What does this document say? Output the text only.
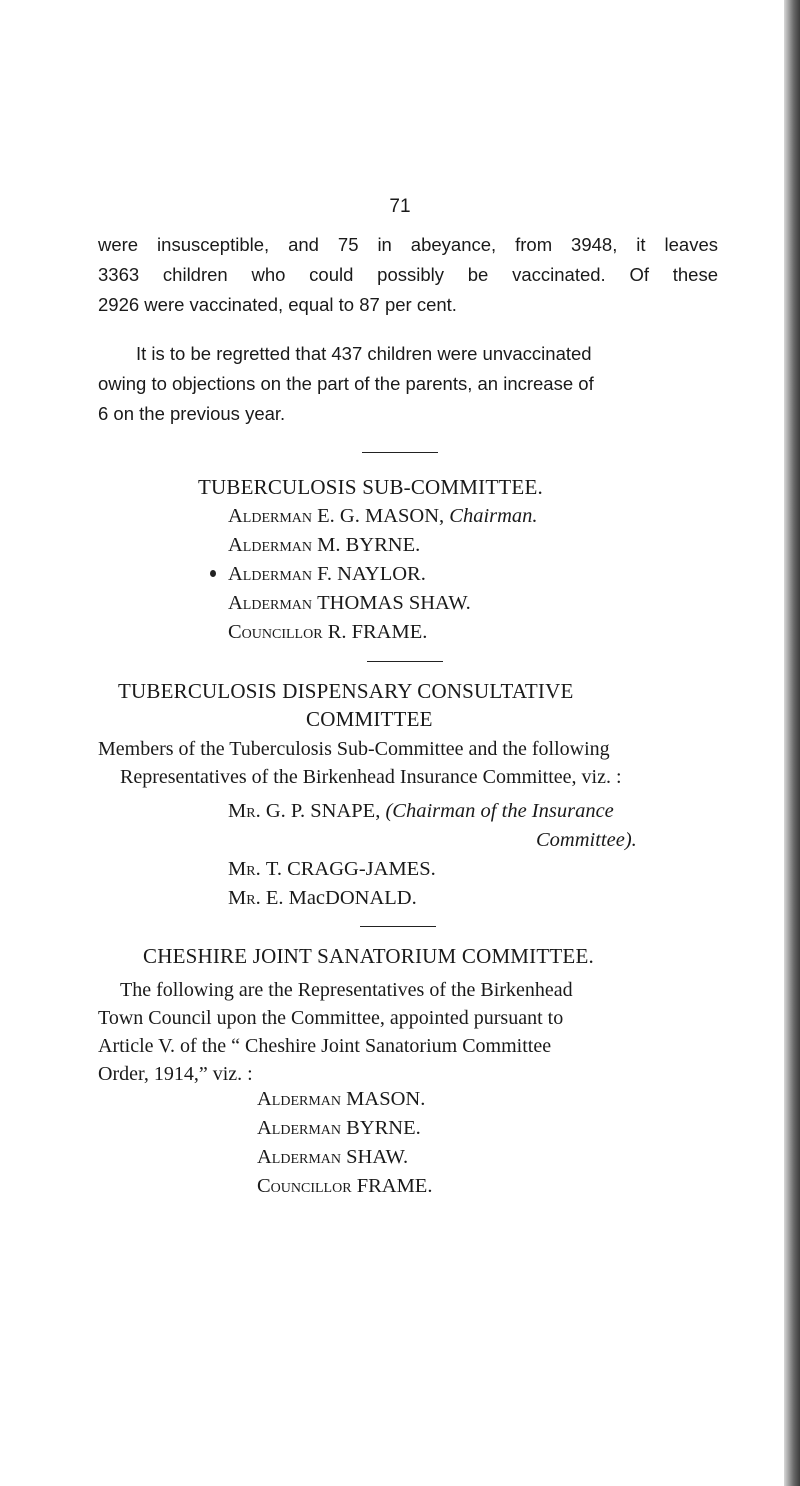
71
were insusceptible, and 75 in abeyance, from 3948, it leaves
3363 children who could possibly be vaccinated. Of these
2926 were vaccinated, equal to 87 per cent.
It is to be regretted that 437 children were unvaccinated
owing to objections on the part of the parents, an increase of
6 on the previous year.
TUBERCULOSIS SUB-COMMITTEE.
Alderman E. G. MASON, Chairman.
Alderman M. BYRNE.
Alderman F. NAYLOR.
Alderman THOMAS SHAW.
Councillor R. FRAME.
TUBERCULOSIS DISPENSARY CONSULTATIVE
COMMITTEE
Members of the Tuberculosis Sub-Committee and the following
Representatives of the Birkenhead Insurance Committee, viz. :
Mr. G. P. SNAPE, (Chairman of the Insurance
Committee).
Mr. T. CRAGG-JAMES.
Mr. E. MacDONALD.
CHESHIRE JOINT SANATORIUM COMMITTEE.
The following are the Representatives of the Birkenhead
Town Council upon the Committee, appointed pursuant to
Article V. of the “ Cheshire Joint Sanatorium Committee
Order, 1914,” viz. :
Alderman MASON.
Alderman BYRNE.
Alderman SHAW.
Councillor FRAME.
